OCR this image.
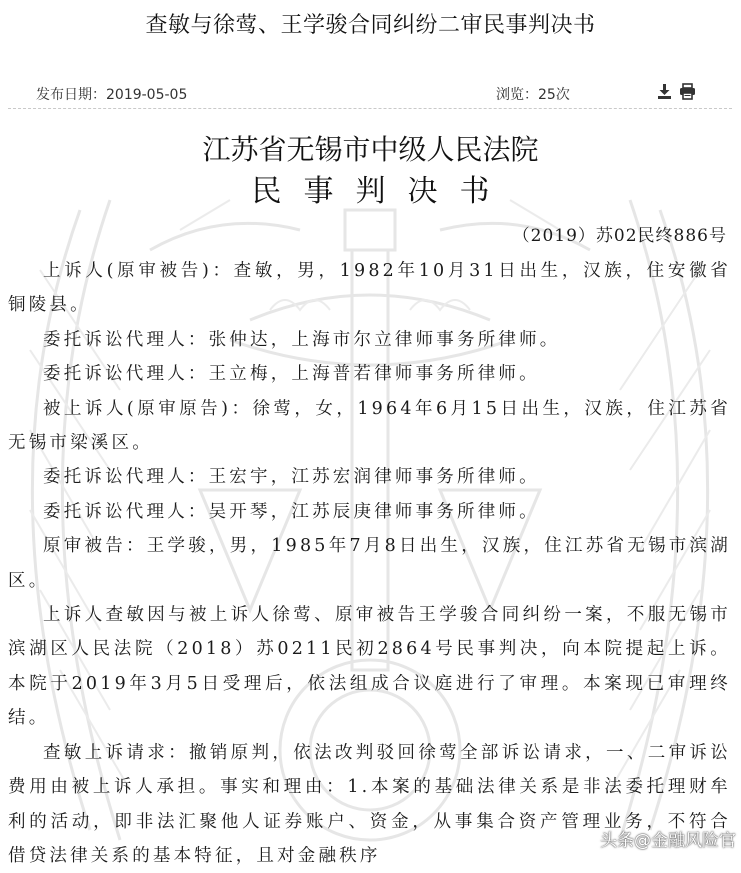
查敏与徐莺、王学骏合同纠纷二审民事判决书
发布日期：2019-05-05	浏览：25次
江苏省无锡市中级人民法院
民事判决书
（2019）苏02民终886号

上诉人(原审被告)：查敏，男，1982年10月31日出生，汉族，住安徽省铜陵县。

委托诉讼代理人：张仲达，上海市尔立律师事务所律师。

委托诉讼代理人：王立梅，上海普若律师事务所律师。

被上诉人(原审原告)：徐莺，女，1964年6月15日出生，汉族，住江苏省无锡市梁溪区。

委托诉讼代理人：王宏宇，江苏宏润律师事务所律师。

委托诉讼代理人：吴开琴，江苏辰庚律师事务所律师。

原审被告：王学骏，男，1985年7月8日出生，汉族，住江苏省无锡市滨湖区。

上诉人查敏因与被上诉人徐莺、原审被告王学骏合同纠纷一案，不服无锡市滨湖区人民法院（2018）苏0211民初2864号民事判决，向本院提起上诉。本院于2019年3月5日受理后，依法组成合议庭进行了审理。本案现已审理终结。

查敏上诉请求：撤销原判，依法改判驳回徐莺全部诉讼请求，一、二审诉讼费用由被上诉人承担。事实和理由：1.本案的基础法律关系是非法委托理财牟利的活动，即非法汇聚他人证券账户、资金，从事集合资产管理业务，不符合借贷法律关系的基本特征，且对金融秩序

头条@金融风险官
